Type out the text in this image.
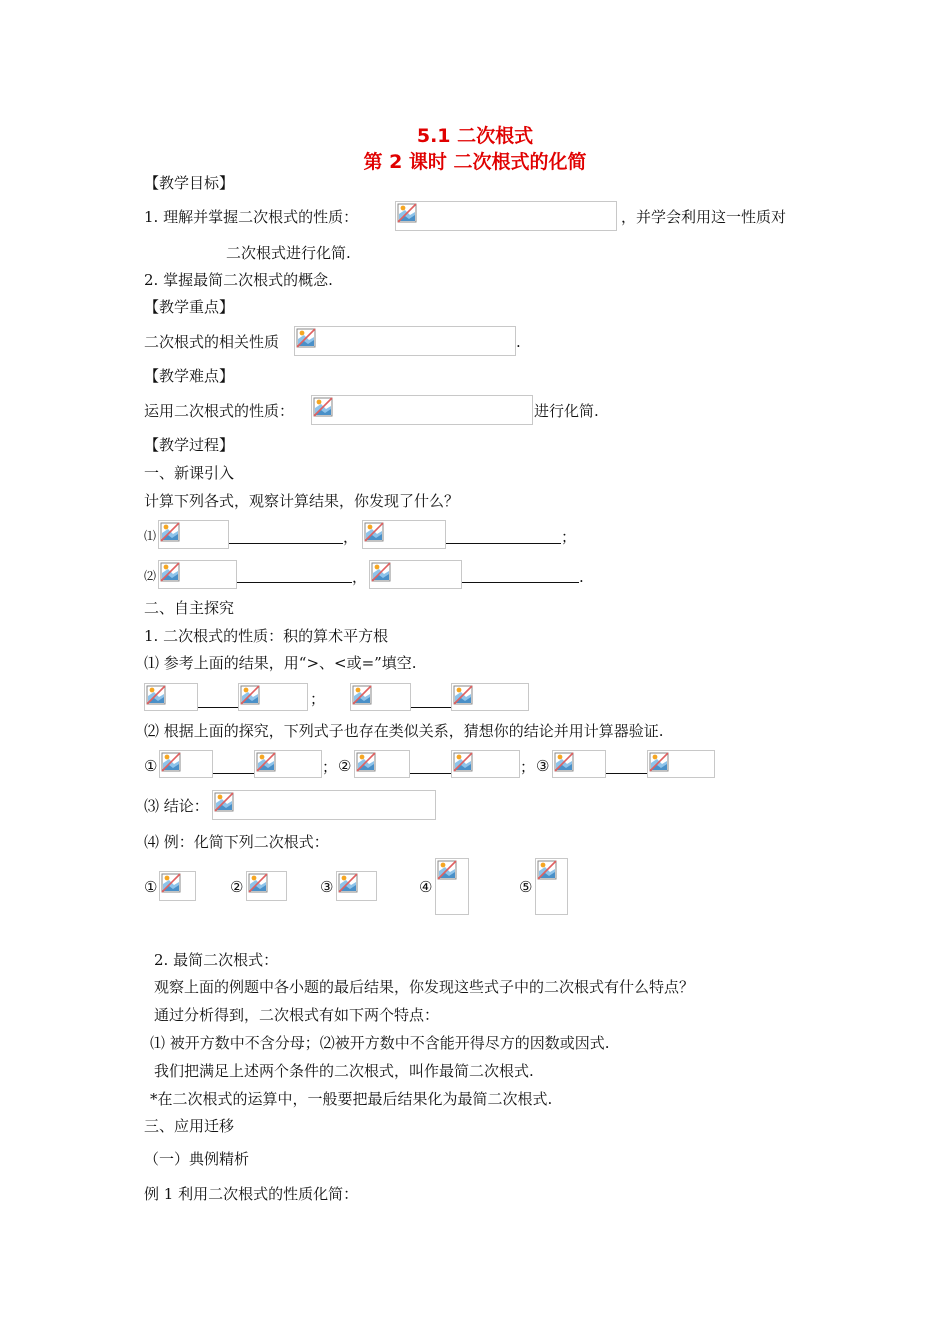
5.1 二次根式
第 2 课时 二次根式的化简
【教学目标】
1. 理解并掌握二次根式的性质：	，并学会利用这一性质对
二次根式进行化简.
2. 掌握最简二次根式的概念.
【教学重点】
二次根式的相关性质	.
【教学难点】
运用二次根式的性质：	进行化简.
【教学过程】
一、新课引入
计算下列各式，观察计算结果，你发现了什么？
⑴	，	；
⑵	，	.
二、自主探究
1. 二次根式的性质：积的算术平方根
⑴ 参考上面的结果，用“>、<或=”填空.
；
⑵ 根据上面的探究，下列式子也存在类似关系，猜想你的结论并用计算器验证.
①	； ②	； ③
⑶ 结论：
⑷ 例：化简下列二次根式：
①	②	③	④	⑤
2. 最简二次根式：
观察上面的例题中各小题的最后结果，你发现这些式子中的二次根式有什么特点？
通过分析得到，二次根式有如下两个特点：
⑴ 被开方数中不含分母；⑵被开方数中不含能开得尽方的因数或因式.
我们把满足上述两个条件的二次根式，叫作最简二次根式.
*在二次根式的运算中，一般要把最后结果化为最简二次根式.
三、应用迁移
（一）典例精析
例 1 利用二次根式的性质化简：
